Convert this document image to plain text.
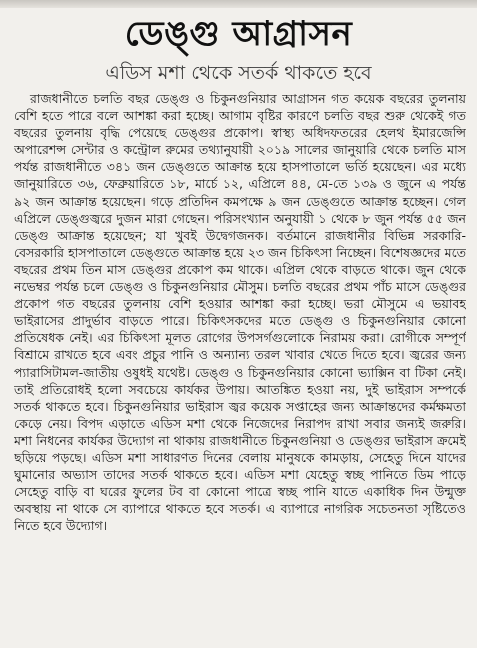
ডেঙ্গু আগ্রাসন
এডিস মশা থেকে সতর্ক থাকতে হবে

রাজধানীতে চলতি বছর ডেঙ্গু ও চিকুনগুনিয়ার আগ্রাসন গত কয়েক বছরের তুলনায় বেশি হতে পারে বলে আশঙ্কা করা হচ্ছে। আগাম বৃষ্টির কারণে চলতি বছর শুরু থেকেই গত বছরের তুলনায় বৃদ্ধি পেয়েছে ডেঙ্গুর প্রকোপ। স্বাস্থ্য অধিদফতরের হেলথ ইমারজেন্সি অপারেশন্স সেন্টার ও কন্ট্রোল রুমের তথ্যানুযায়ী ২০১৯ সালের জানুয়ারি থেকে চলতি মাস পর্যন্ত রাজধানীতে ৩৪১ জন ডেঙ্গুতে আক্রান্ত হয়ে হাসপাতালে ভর্তি হয়েছেন। এর মধ্যে জানুয়ারিতে ৩৬, ফেব্রুয়ারিতে ১৮, মার্চে ১২, এপ্রিলে ৪৪, মে-তে ১৩৯ ও জুনে এ পর্যন্ত ৯২ জন আক্রান্ত হয়েছেন। গড়ে প্রতিদিন কমপক্ষে ৯ জন ডেঙ্গুতে আক্রান্ত হচ্ছেন। গেল এপ্রিলে ডেঙ্গুজ্বরে দুজন মারা গেছেন। পরিসংখ্যান অনুযায়ী ১ থেকে ৮ জুন পর্যন্ত ৫৫ জন ডেঙ্গু আক্রান্ত হয়েছেন; যা খুবই উদ্বেগজনক। বর্তমানে রাজধানীর বিভিন্ন সরকারি-বেসরকারি হাসপাতালে ডেঙ্গুতে আক্রান্ত হয়ে ২৩ জন চিকিৎসা নিচ্ছেন। বিশেষজ্ঞদের মতে বছরের প্রথম তিন মাস ডেঙ্গুর প্রকোপ কম থাকে। এপ্রিল থেকে বাড়তে থাকে। জুন থেকে নভেম্বর পর্যন্ত চলে ডেঙ্গু ও চিকুনগুনিয়ার মৌসুম। চলতি বছরের প্রথম পাঁচ মাসে ডেঙ্গুর প্রকোপ গত বছরের তুলনায় বেশি হওয়ার আশঙ্কা করা হচ্ছে। ভরা মৌসুমে এ ভয়াবহ ভাইরাসের প্রাদুর্ভাব বাড়তে পারে। চিকিৎসকদের মতে ডেঙ্গু ও চিকুনগুনিয়ার কোনো প্রতিষেধক নেই। এর চিকিৎসা মূলত রোগের উপসর্গগুলোকে নিরাময় করা। রোগীকে সম্পূর্ণ বিশ্রামে রাখতে হবে এবং প্রচুর পানি ও অন্যান্য তরল খাবার খেতে দিতে হবে। জ্বরের জন্য প্যারাসিটামল-জাতীয় ওষুধই যথেষ্ট। ডেঙ্গু ও চিকুনগুনিয়ার কোনো ভ্যাক্সিন বা টিকা নেই। তাই প্রতিরোধই হলো সবচেয়ে কার্যকর উপায়। আতঙ্কিত হওয়া নয়, দুই ভাইরাস সম্পর্কে সতর্ক থাকতে হবে। চিকুনগুনিয়ার ভাইরাস জ্বর কয়েক সপ্তাহের জন্য আক্রান্তদের কর্মক্ষমতা কেড়ে নেয়। বিপদ এড়াতে এডিস মশা থেকে নিজেদের নিরাপদ রাখা সবার জন্যই জরুরি। মশা নিধনের কার্যকর উদ্যোগ না থাকায় রাজধানীতে চিকুনগুনিয়া ও ডেঙ্গুর ভাইরাস ক্রমেই ছড়িয়ে পড়ছে। এডিস মশা সাধারণত দিনের বেলায় মানুষকে কামড়ায়, সেহেতু দিনে যাদের ঘুমানোর অভ্যাস তাদের সতর্ক থাকতে হবে। এডিস মশা যেহেতু স্বচ্ছ পানিতে ডিম পাড়ে সেহেতু বাড়ি বা ঘরের ফুলের টব বা কোনো পাত্রে স্বচ্ছ পানি যাতে একাধিক দিন উন্মুক্ত অবস্থায় না থাকে সে ব্যাপারে থাকতে হবে সতর্ক। এ ব্যাপারে নাগরিক সচেতনতা সৃষ্টিতেও নিতে হবে উদ্যোগ।
